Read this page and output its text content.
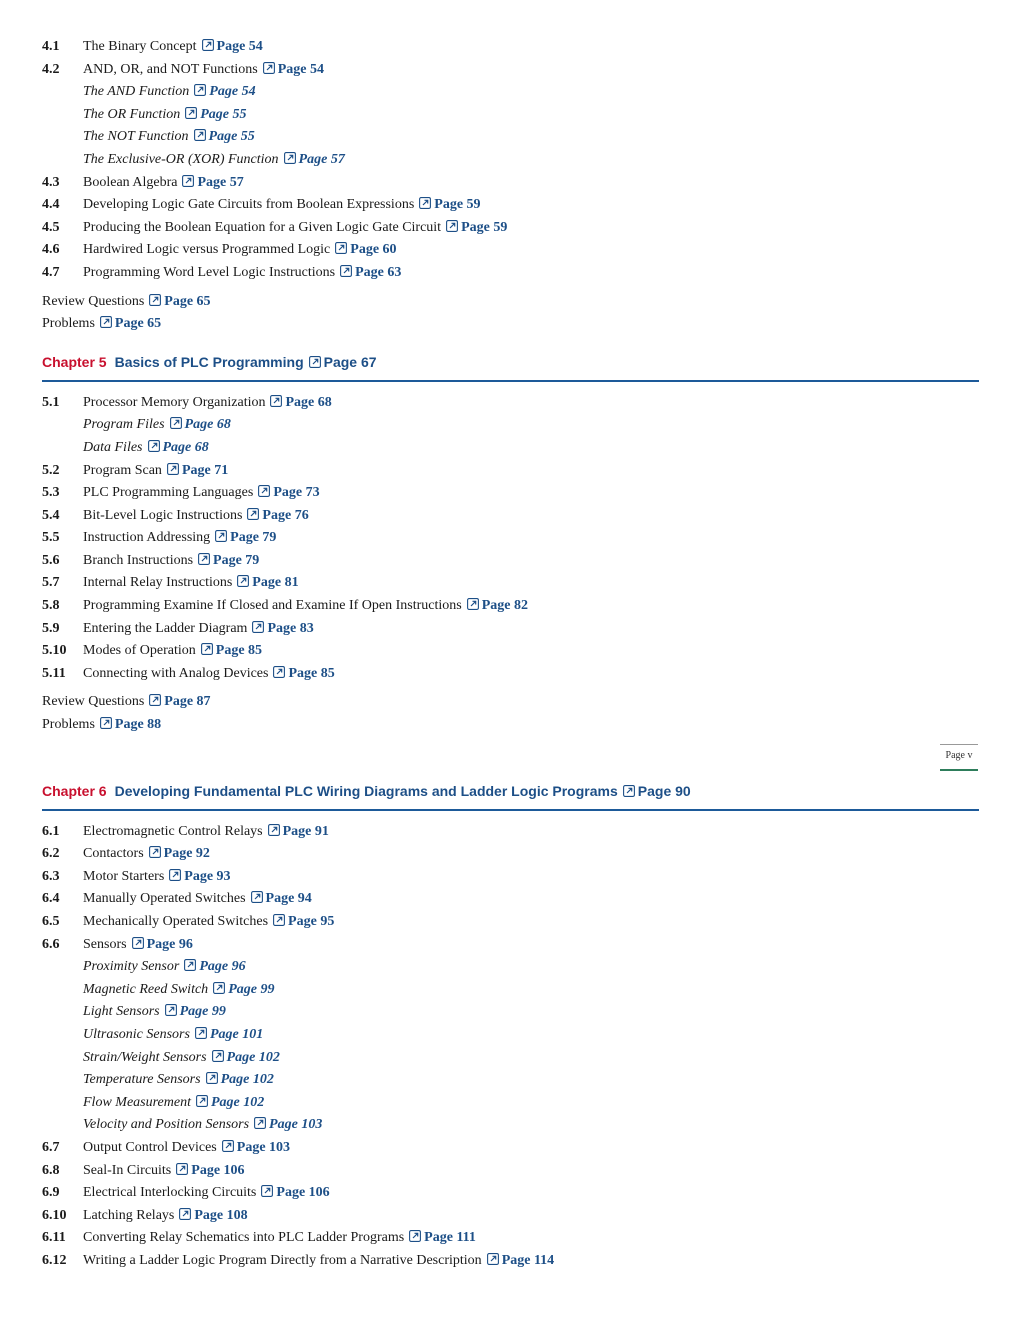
4.1 The Binary Concept Page 54
4.2 AND, OR, and NOT Functions Page 54
The AND Function Page 54
The OR Function Page 55
The NOT Function Page 55
The Exclusive-OR (XOR) Function Page 57
4.3 Boolean Algebra Page 57
4.4 Developing Logic Gate Circuits from Boolean Expressions Page 59
4.5 Producing the Boolean Equation for a Given Logic Gate Circuit Page 59
4.6 Hardwired Logic versus Programmed Logic Page 60
4.7 Programming Word Level Logic Instructions Page 63
Review Questions Page 65
Problems Page 65
Chapter 5 Basics of PLC Programming Page 67
5.1 Processor Memory Organization Page 68
Program Files Page 68
Data Files Page 68
5.2 Program Scan Page 71
5.3 PLC Programming Languages Page 73
5.4 Bit-Level Logic Instructions Page 76
5.5 Instruction Addressing Page 79
5.6 Branch Instructions Page 79
5.7 Internal Relay Instructions Page 81
5.8 Programming Examine If Closed and Examine If Open Instructions Page 82
5.9 Entering the Ladder Diagram Page 83
5.10 Modes of Operation Page 85
5.11 Connecting with Analog Devices Page 85
Review Questions Page 87
Problems Page 88
Chapter 6 Developing Fundamental PLC Wiring Diagrams and Ladder Logic Programs Page 90
6.1 Electromagnetic Control Relays Page 91
6.2 Contactors Page 92
6.3 Motor Starters Page 93
6.4 Manually Operated Switches Page 94
6.5 Mechanically Operated Switches Page 95
6.6 Sensors Page 96
Proximity Sensor Page 96
Magnetic Reed Switch Page 99
Light Sensors Page 99
Ultrasonic Sensors Page 101
Strain/Weight Sensors Page 102
Temperature Sensors Page 102
Flow Measurement Page 102
Velocity and Position Sensors Page 103
6.7 Output Control Devices Page 103
6.8 Seal-In Circuits Page 106
6.9 Electrical Interlocking Circuits Page 106
6.10 Latching Relays Page 108
6.11 Converting Relay Schematics into PLC Ladder Programs Page 111
6.12 Writing a Ladder Logic Program Directly from a Narrative Description Page 114
Page v
